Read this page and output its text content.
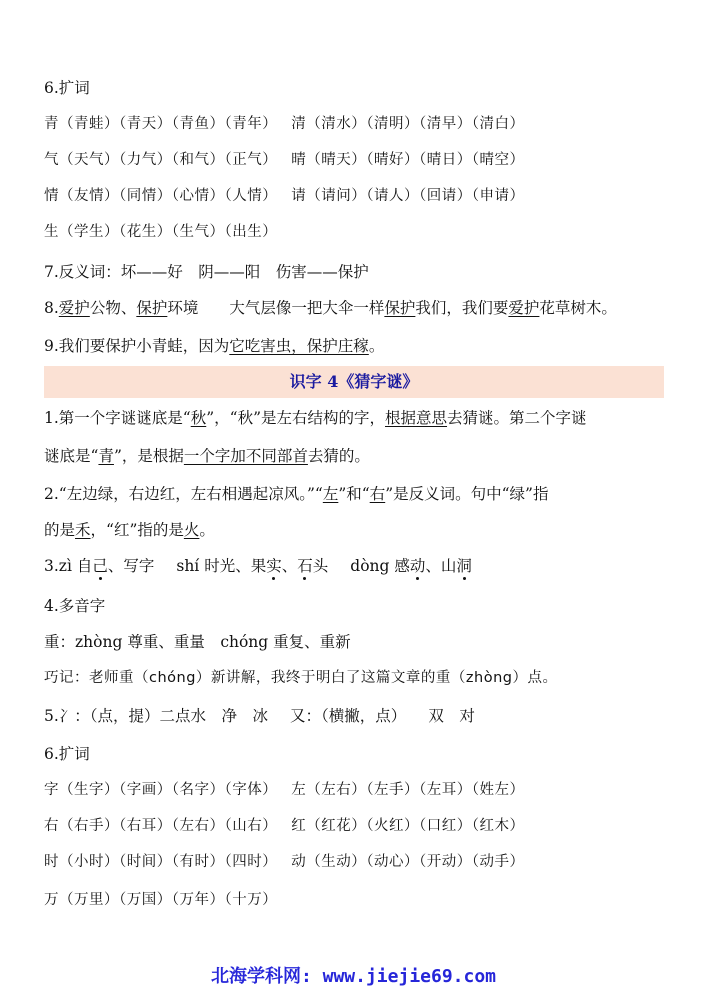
6.扩词
青（青蛙）（青天）（青鱼）（青年） 清（清水）（清明）（清早）（清白）
气（天气）（力气）（和气）（正气） 晴（晴天）（晴好）（晴日）（晴空）
情（友情）（同情）（心情）（人情） 请（请问）（请人）（回请）（申请）
生（学生）（花生）（生气）（出生）
7.反义词：坏——好　阴——阳　伤害——保护
8.爱护公物、保护环境　　大气层像一把大伞一样保护我们，我们要爱护花草树木。
9.我们要保护小青蛙，因为它吃害虫，保护庄稼。
识字 4《猜字谜》
1.第一个字谜谜底是“秋”，“秋”是左右结构的字，根据意思去猜谜。第二个字谜
谜底是“青”，是根据一个字加不同部首去猜的。
2.“左边绿，右边红，左右相遇起凉风。”“左”和“右”是反义词。句中“绿”指
的是禾，“红”指的是火。
3.zì 自己、写字 shí 时光、果实、石头 dòng 感动、山洞
4.多音字
重：zhòng 尊重、重量　chóng 重复、重新
巧记：老师重（chóng）新讲解，我终于明白了这篇文章的重（zhòng）点。
5.冫：（点，提）二点水　净　冰 又：（横撇，点） 双　对
6.扩词
字（生字）（字画）（名字）（字体） 左（左右）（左手）（左耳）（姓左）
右（右手）（右耳）（左右）（山右） 红（红花）（火红）（口红）（红木）
时（小时）（时间）（有时）（四时） 动（生动）（动心）（开动）（动手）
万（万里）（万国）（万年）（十万）
北海学科网: www.jiejie69.com
